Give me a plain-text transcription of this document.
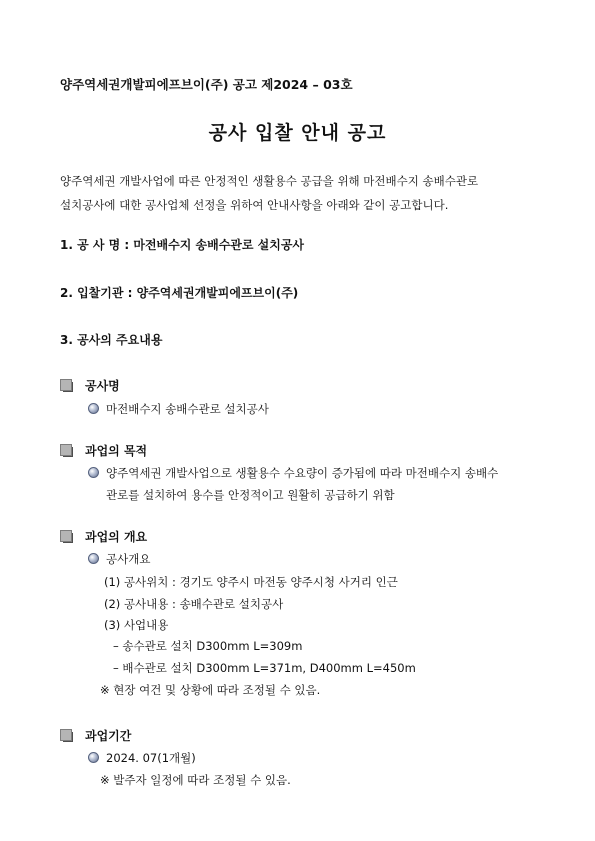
양주역세권개발피에프브이(주) 공고 제2024 – 03호
공사 입찰 안내 공고
양주역세권 개발사업에 따른 안정적인 생활용수 공급을 위해 마전배수지 송배수관로
설치공사에 대한 공사업체 선정을 위하여 안내사항을 아래와 같이 공고합니다.
1. 공 사 명 : 마전배수지 송배수관로 설치공사
2. 입찰기관 : 양주역세권개발피에프브이(주)
3. 공사의 주요내용
공사명
마전배수지 송배수관로 설치공사
과업의 목적
양주역세권 개발사업으로 생활용수 수요량이 증가됨에 따라 마전배수지 송배수
관로를 설치하여 용수를 안정적이고 원활히 공급하기 위함
과업의 개요
공사개요
(1) 공사위치 : 경기도 양주시 마전동 양주시청 사거리 인근
(2) 공사내용 : 송배수관로 설치공사
(3) 사업내용
– 송수관로 설치 D300mm L=309m
– 배수관로 설치 D300mm L=371m, D400mm L=450m
※ 현장 여건 및 상황에 따라 조정될 수 있음.
과업기간
2024. 07(1개월)
※ 발주자 일정에 따라 조정될 수 있음.
